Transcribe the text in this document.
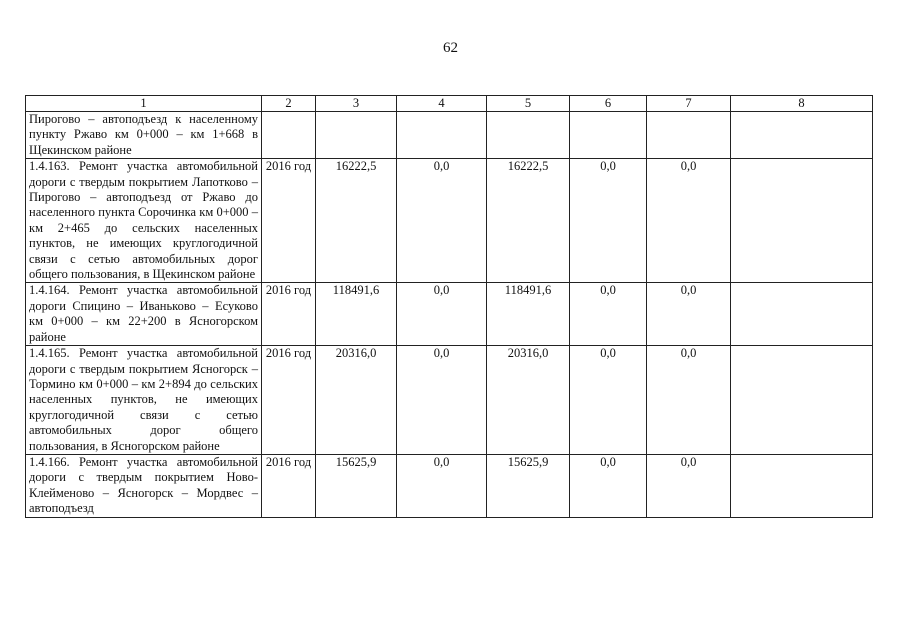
62
1	2	3	4	5	6	7	8
Пирогово – автоподъезд к населенному пункту Ржаво км 0+000 – км 1+668 в Щекинском районе							
1.4.163. Ремонт участка автомобильной дороги с твердым покрытием Лапотково – Пирогово – автоподъезд от Ржаво до населенного пункта Сорочинка км 0+000 – км 2+465 до сельских населенных пунктов, не имеющих круглогодичной связи с сетью автомобильных дорог общего пользования, в Щекинском районе	2016 год	16222,5	0,0	16222,5	0,0	0,0	
1.4.164. Ремонт участка автомобильной дороги Спицино – Иваньково – Есуково км 0+000 – км 22+200 в Ясногорском районе	2016 год	118491,6	0,0	118491,6	0,0	0,0	
1.4.165. Ремонт участка автомобильной дороги с твердым покрытием Ясногорск – Тормино км 0+000 – км 2+894 до сельских населенных пунктов, не имеющих круглогодичной связи с сетью автомобильных дорог общего пользования, в Ясногорском районе	2016 год	20316,0	0,0	20316,0	0,0	0,0	
1.4.166. Ремонт участка автомобильной дороги с твердым покрытием Ново-Клейменово – Ясногорск – Мордвес – автоподъезд	2016 год	15625,9	0,0	15625,9	0,0	0,0	
